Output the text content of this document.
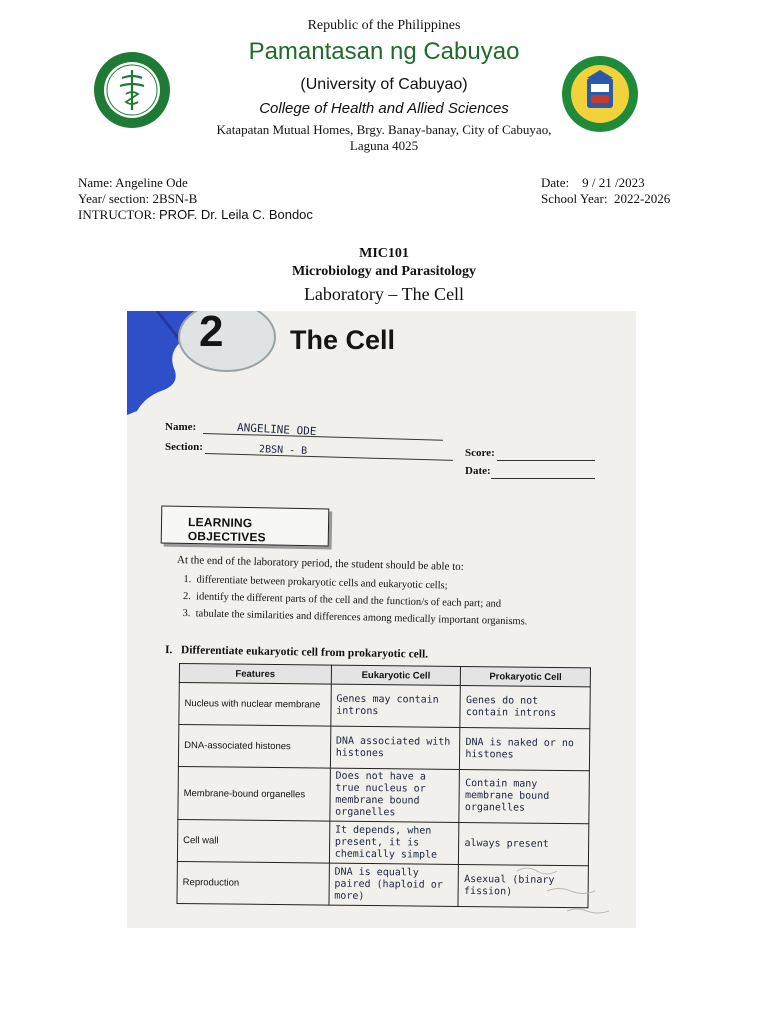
Republic of the Philippines
Pamantasan ng Cabuyao
(University of Cabuyao)
College of Health and Allied Sciences
Katapatan Mutual Homes, Brgy. Banay-banay, City of Cabuyao,
Laguna 4025
Name: Angeline Ode
Year/ section: 2BSN-B
INTRUCTOR: PROF. Dr. Leila C. Bondoc
Date:    9 / 21 /2023
School Year:  2022-2026
MIC101
Microbiology and Parasitology
Laboratory – The Cell
2 The Cell
Name:	ANGELINE ODE
Section:	2BSN - B	Score:
Date:
LEARNING OBJECTIVES
At the end of the laboratory period, the student should be able to:
1. differentiate between prokaryotic cells and eukaryotic cells;
2. identify the different parts of the cell and the function/s of each part; and
3. tabulate the similarities and differences among medically important organisms.
I.   Differentiate eukaryotic cell from prokaryotic cell.
Features	Eukaryotic Cell	Prokaryotic Cell
Nucleus with nuclear membrane	Genes may contain introns	Genes do not contain introns
DNA-associated histones	DNA associated with histones	DNA is naked or no histones
Membrane-bound organelles	Does not have a true nucleus or membrane bound organelles	Contain many membrane bound organelles
Cell wall	It depends, when present, it is chemically simple	always present
Reproduction	DNA is equally paired (haploid or more)	Asexual (binary fission)
